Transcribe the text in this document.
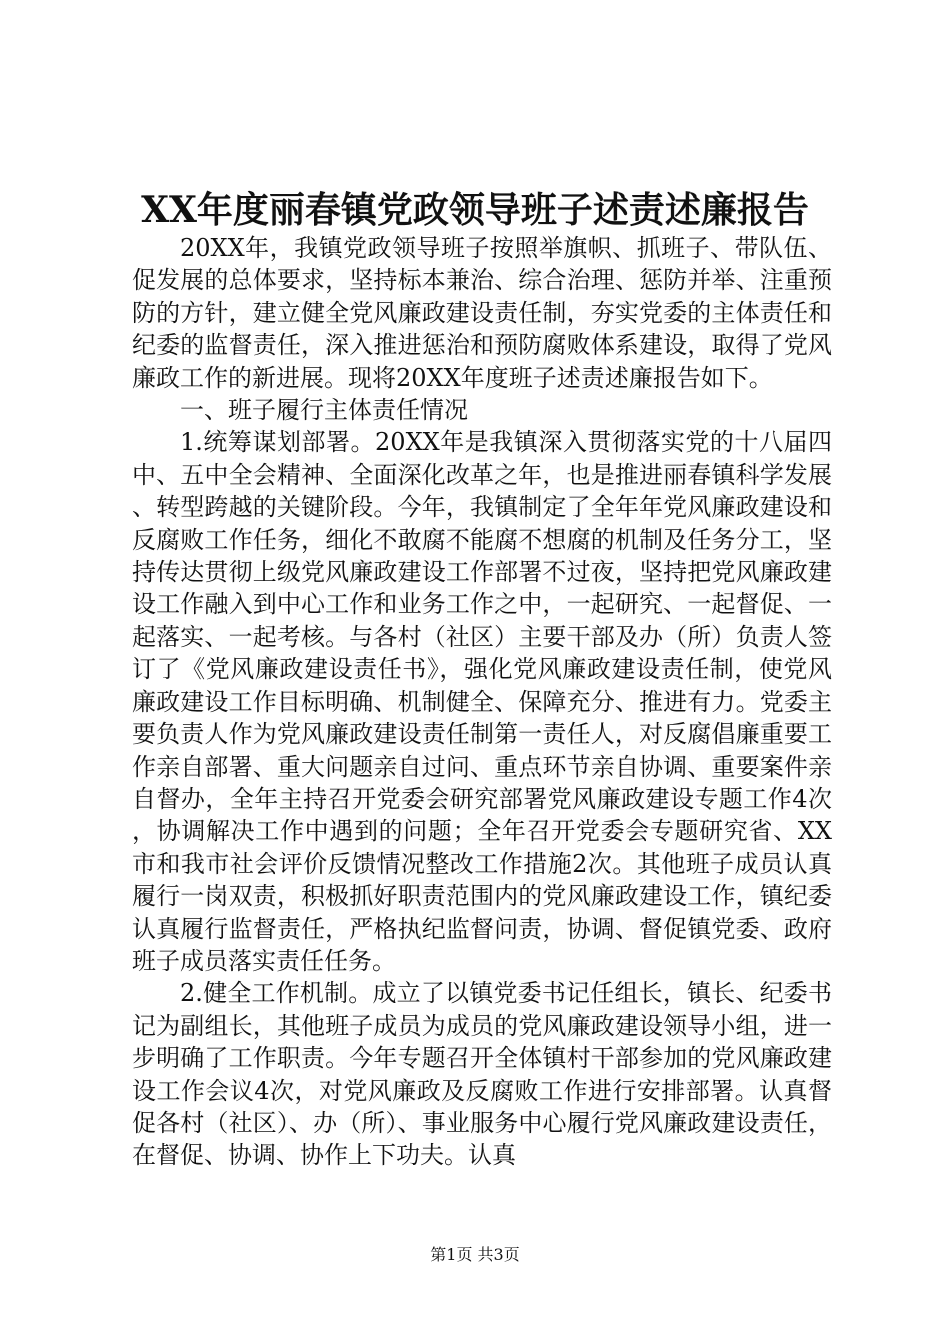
XX年度丽春镇党政领导班子述责述廉报告

20XX年，我镇党政领导班子按照举旗帜、抓班子、带队伍、促发展的总体要求，坚持标本兼治、综合治理、惩防并举、注重预防的方针，建立健全党风廉政建设责任制，夯实党委的主体责任和纪委的监督责任，深入推进惩治和预防腐败体系建设，取得了党风廉政工作的新进展。现将20XX年度班子述责述廉报告如下。

一、班子履行主体责任情况

1.统筹谋划部署。20XX年是我镇深入贯彻落实党的十八届四中、五中全会精神、全面深化改革之年，也是推进丽春镇科学发展、转型跨越的关键阶段。今年，我镇制定了全年年党风廉政建设和反腐败工作任务，细化不敢腐不能腐不想腐的机制及任务分工，坚持传达贯彻上级党风廉政建设工作部署不过夜，坚持把党风廉政建设工作融入到中心工作和业务工作之中，一起研究、一起督促、一起落实、一起考核。与各村（社区）主要干部及办（所）负责人签订了《党风廉政建设责任书》，强化党风廉政建设责任制，使党风廉政建设工作目标明确、机制健全、保障充分、推进有力。党委主要负责人作为党风廉政建设责任制第一责任人，对反腐倡廉重要工作亲自部署、重大问题亲自过问、重点环节亲自协调、重要案件亲自督办，全年主持召开党委会研究部署党风廉政建设专题工作4次，协调解决工作中遇到的问题；全年召开党委会专题研究省、XX市和我市社会评价反馈情况整改工作措施2次。其他班子成员认真履行一岗双责，积极抓好职责范围内的党风廉政建设工作，镇纪委认真履行监督责任，严格执纪监督问责，协调、督促镇党委、政府班子成员落实责任任务。

2.健全工作机制。成立了以镇党委书记任组长，镇长、纪委书记为副组长，其他班子成员为成员的党风廉政建设领导小组，进一步明确了工作职责。今年专题召开全体镇村干部参加的党风廉政建设工作会议4次，对党风廉政及反腐败工作进行安排部署。认真督促各村（社区）、办（所）、事业服务中心履行党风廉政建设责任，在督促、协调、协作上下功夫。认真

第1页 共3页
